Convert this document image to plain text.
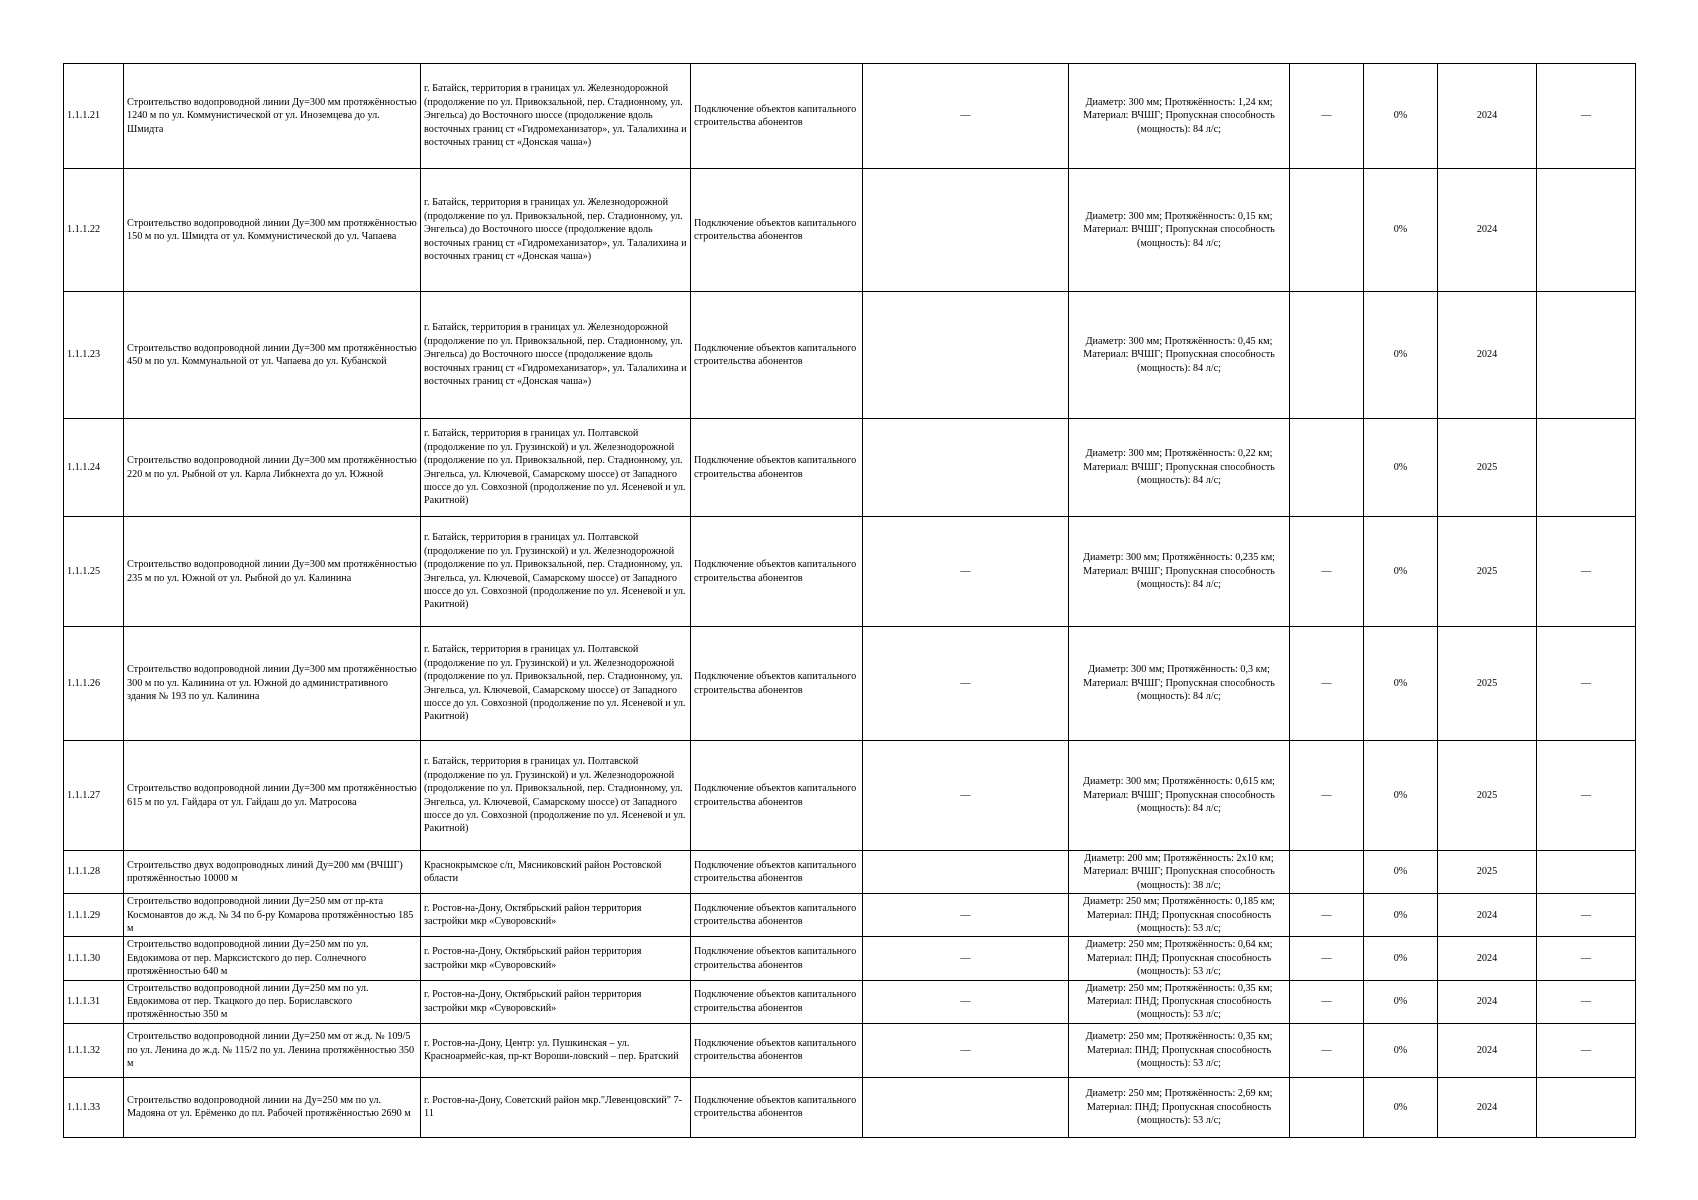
1.1.1.21	Строительство водопроводной линии Ду=300 мм протяжённостью 1240 м по ул. Коммунистической от ул. Иноземцева до ул. Шмидта	г. Батайск, территория в границах ул. Железнодорожной (продолжение по ул. Привокзальной, пер. Стадионному, ул. Энгельса) до Восточного шоссе (продолжение вдоль восточных границ ст «Гидромеханизатор», ул. Талалихина и восточных границ ст «Донская чаша»)	Подключение объектов капитального строительства абонентов	—	Диаметр: 300 мм; Протяжённость: 1,24 км; Материал: ВЧШГ; Пропускная способность (мощность): 84 л/с;	—	0%	2024	—
1.1.1.22	Строительство водопроводной линии Ду=300 мм протяжённостью 150 м по ул. Шмидта от ул. Коммунистической до ул. Чапаева	г. Батайск, территория в границах ул. Железнодорожной (продолжение по ул. Привокзальной, пер. Стадионному, ул. Энгельса) до Восточного шоссе (продолжение вдоль восточных границ ст «Гидромеханизатор», ул. Талалихина и восточных границ ст «Донская чаша»)	Подключение объектов капитального строительства абонентов		Диаметр: 300 мм; Протяжённость: 0,15 км; Материал: ВЧШГ; Пропускная способность (мощность): 84 л/с;		0%	2024	
1.1.1.23	Строительство водопроводной линии Ду=300 мм протяжённостью 450 м по ул. Коммунальной от ул. Чапаева до ул. Кубанской	г. Батайск, территория в границах ул. Железнодорожной (продолжение по ул. Привокзальной, пер. Стадионному, ул. Энгельса) до Восточного шоссе (продолжение вдоль восточных границ ст «Гидромеханизатор», ул. Талалихина и восточных границ ст «Донская чаша»)	Подключение объектов капитального строительства абонентов		Диаметр: 300 мм; Протяжённость: 0,45 км; Материал: ВЧШГ; Пропускная способность (мощность): 84 л/с;		0%	2024	
1.1.1.24	Строительство водопроводной линии Ду=300 мм протяжённостью 220 м по ул. Рыбной от ул. Карла Либкнехта до ул. Южной	г. Батайск, территория в границах ул. Полтавской (продолжение по ул. Грузинской) и ул. Железнодорожной (продолжение по ул. Привокзальной, пер. Стадионному, ул. Энгельса, ул. Ключевой, Самарскому шоссе) от Западного шоссе до ул. Совхозной (продолжение по ул. Ясеневой и ул. Ракитной)	Подключение объектов капитального строительства абонентов		Диаметр: 300 мм; Протяжённость: 0,22 км; Материал: ВЧШГ; Пропускная способность (мощность): 84 л/с;		0%	2025	
1.1.1.25	Строительство водопроводной линии Ду=300 мм протяжённостью 235 м по ул. Южной от ул. Рыбной до ул. Калинина	г. Батайск, территория в границах ул. Полтавской (продолжение по ул. Грузинской) и ул. Железнодорожной (продолжение по ул. Привокзальной, пер. Стадионному, ул. Энгельса, ул. Ключевой, Самарскому шоссе) от Западного шоссе до ул. Совхозной (продолжение по ул. Ясеневой и ул. Ракитной)	Подключение объектов капитального строительства абонентов	—	Диаметр: 300 мм; Протяжённость: 0,235 км; Материал: ВЧШГ; Пропускная способность (мощность): 84 л/с;	—	0%	2025	—
1.1.1.26	Строительство водопроводной линии Ду=300 мм протяжённостью 300 м по ул. Калинина от ул. Южной до административного здания № 193 по ул. Калинина	г. Батайск, территория в границах ул. Полтавской (продолжение по ул. Грузинской) и ул. Железнодорожной (продолжение по ул. Привокзальной, пер. Стадионному, ул. Энгельса, ул. Ключевой, Самарскому шоссе) от Западного шоссе до ул. Совхозной (продолжение по ул. Ясеневой и ул. Ракитной)	Подключение объектов капитального строительства абонентов	—	Диаметр: 300 мм; Протяжённость: 0,3 км; Материал: ВЧШГ; Пропускная способность (мощность): 84 л/с;	—	0%	2025	—
1.1.1.27	Строительство водопроводной линии Ду=300 мм протяжённостью 615 м по ул. Гайдара от ул. Гайдаш до ул. Матросова	г. Батайск, территория в границах ул. Полтавской (продолжение по ул. Грузинской) и ул. Железнодорожной (продолжение по ул. Привокзальной, пер. Стадионному, ул. Энгельса, ул. Ключевой, Самарскому шоссе) от Западного шоссе до ул. Совхозной (продолжение по ул. Ясеневой и ул. Ракитной)	Подключение объектов капитального строительства абонентов	—	Диаметр: 300 мм; Протяжённость: 0,615 км; Материал: ВЧШГ; Пропускная способность (мощность): 84 л/с;	—	0%	2025	—
1.1.1.28	Строительство двух водопроводных линий Ду=200 мм (ВЧШГ) протяжённостью 10000 м	Краснокрымское с/п, Мясниковский район Ростовской области	Подключение объектов капитального строительства абонентов		Диаметр: 200 мм; Протяжённость: 2х10 км; Материал: ВЧШГ; Пропускная способность (мощность): 38 л/с;		0%	2025	
1.1.1.29	Строительство водопроводной линии Ду=250 мм от пр-кта Космонавтов до ж.д. № 34 по б-ру Комарова протяжённостью 185 м	г. Ростов-на-Дону, Октябрьский район территория застройки мкр «Суворовский»	Подключение объектов капитального строительства абонентов	—	Диаметр: 250 мм; Протяжённость: 0,185 км; Материал: ПНД; Пропускная способность (мощность): 53 л/с;	—	0%	2024	—
1.1.1.30	Строительство водопроводной линии Ду=250 мм по ул. Евдокимова от пер. Марксистского до пер. Солнечного протяжённостью 640 м	г. Ростов-на-Дону, Октябрьский район территория застройки мкр «Суворовский»	Подключение объектов капитального строительства абонентов	—	Диаметр: 250 мм; Протяжённость: 0,64 км; Материал: ПНД; Пропускная способность (мощность): 53 л/с;	—	0%	2024	—
1.1.1.31	Строительство водопроводной линии Ду=250 мм по ул. Евдокимова от пер. Ткацкого до пер. Бориславского протяжённостью 350 м	г. Ростов-на-Дону, Октябрьский район территория застройки мкр «Суворовский»	Подключение объектов капитального строительства абонентов	—	Диаметр: 250 мм; Протяжённость: 0,35 км; Материал: ПНД; Пропускная способность (мощность): 53 л/с;	—	0%	2024	—
1.1.1.32	Строительство водопроводной линии Ду=250 мм от ж.д. № 109/5 по ул. Ленина до ж.д. № 115/2 по ул. Ленина протяжённостью 350 м	г. Ростов-на-Дону, Центр: ул. Пушкинская – ул. Красноармейс-кая, пр-кт Вороши-ловский – пер. Братский	Подключение объектов капитального строительства абонентов	—	Диаметр: 250 мм; Протяжённость: 0,35 км; Материал: ПНД; Пропускная способность (мощность): 53 л/с;	—	0%	2024	—
1.1.1.33	Строительство водопроводной линии на Ду=250 мм по ул. Мадояна от ул. Ерёменко до пл. Рабочей протяжённостью 2690 м	г. Ростов-на-Дону, Советский район мкр."Левенцовский" 7-11	Подключение объектов капитального строительства абонентов		Диаметр: 250 мм; Протяжённость: 2,69 км; Материал: ПНД; Пропускная способность (мощность): 53 л/с;		0%	2024	
